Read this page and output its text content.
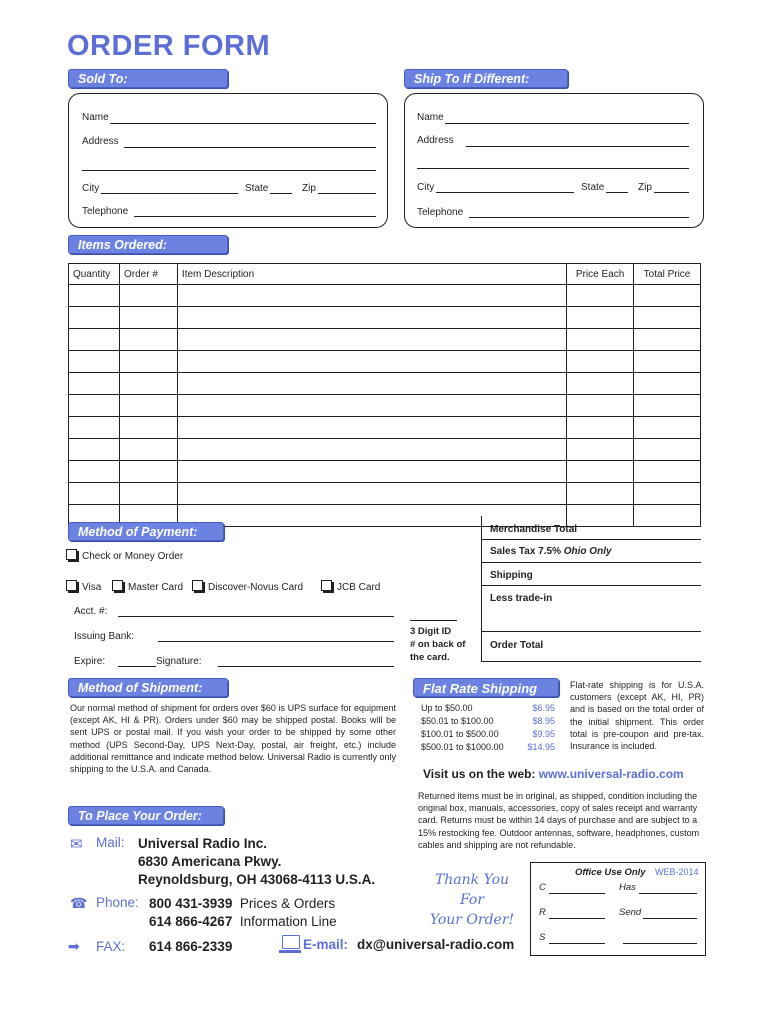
ORDER FORM
Sold To:
Name
Address
City	State	Zip
Telephone
Ship To If Different:
Name
Address
City	State	Zip
Telephone
Items Ordered:
Quantity	Order #	Item Description	Price Each	Total Price

Merchandise Total
Sales Tax 7.5% Ohio Only
Shipping
Less trade-in
Order Total
Method of Payment:
Check or Money Order
Visa	Master Card	Discover-Novus Card	JCB Card
Acct. #:
Issuing Bank:
Expire:	Signature:
3 Digit ID
# on back of
the card.
Method of Shipment:
Our normal method of shipment for orders over $60 is UPS surface for equipment (except AK, HI & PR). Orders under $60 may be shipped postal. Books will be sent UPS or postal mail. If you wish your order to be shipped by some other method (UPS Second-Day, UPS Next-Day, postal, air freight, etc.) include additional remittance and indicate method below. Universal Radio is currently only shipping to the U.S.A. and Canada.
Flat Rate Shipping
Up to $50.00	$6.95
$50.01 to $100.00	$8.95
$100.01 to $500.00	$9.95
$500.01 to $1000.00	$14.95
Flat-rate shipping is for U.S.A. customers (except AK, HI, PR) and is based on the total order of the initial shipment. This order total is pre-coupon and pre-tax. Insurance is included.
Visit us on the web: www.universal-radio.com
Returned items must be in original, as shipped, condition including the original box, manuals, accessories, copy of sales receipt and warranty card. Returns must be within 14 days of purchase and are subject to a 15% restocking fee. Outdoor antennas, software, headphones, custom cables and shipping are not refundable.
To Place Your Order:
✉ Mail: Universal Radio Inc.
6830 Americana Pkwy.
Reynoldsburg, OH 43068-4113 U.S.A.
☎ Phone: 800 431-3939 Prices & Orders
614 866-4267 Information Line
➡ FAX: 614 866-2339	E-mail: dx@universal-radio.com
Thank You For
Your Order!
Office Use Only WEB-2014
C	Has
R	Send
S
